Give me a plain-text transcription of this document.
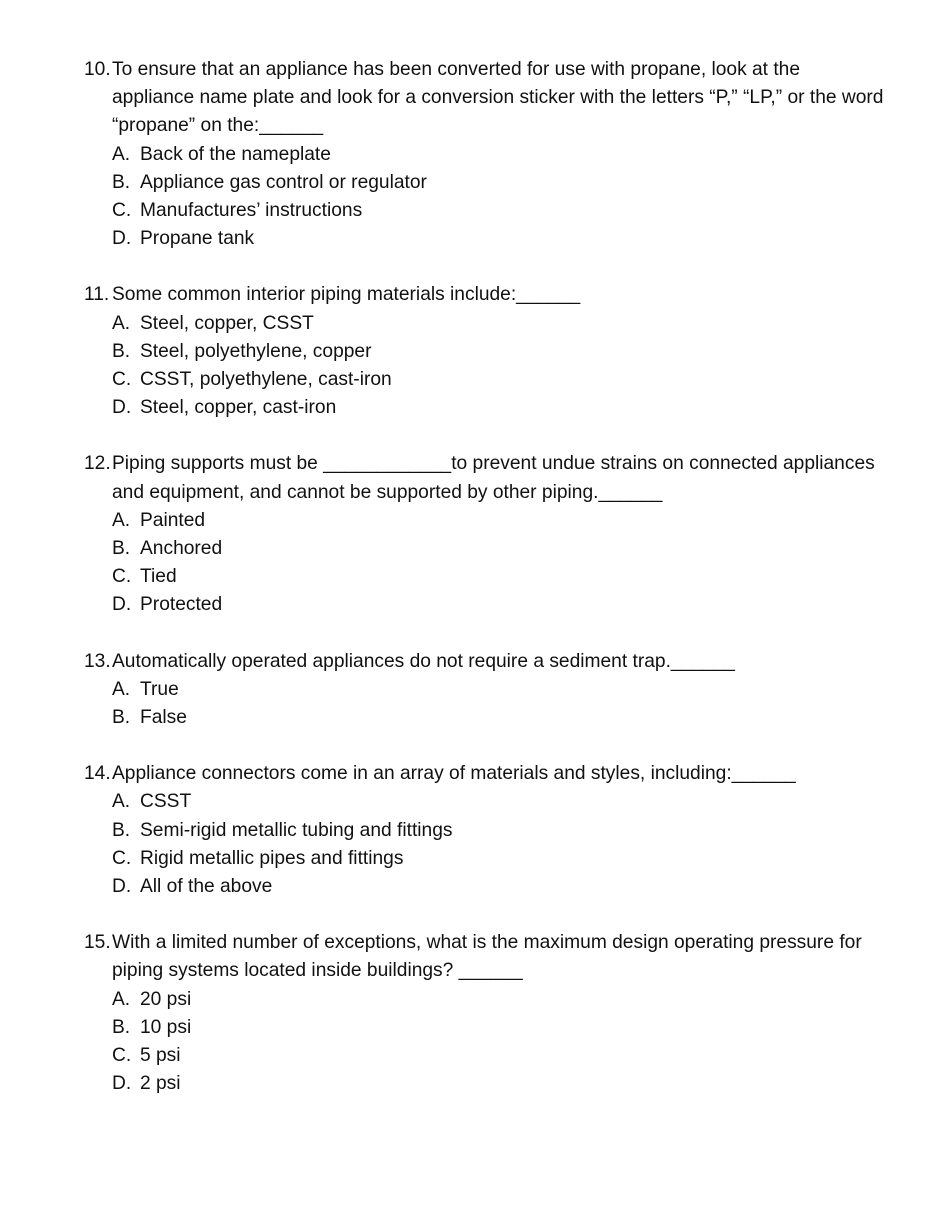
10. To ensure that an appliance has been converted for use with propane, look at the appliance name plate and look for a conversion sticker with the letters “P,” “LP,” or the word “propane” on the:______
A. Back of the nameplate
B. Appliance gas control or regulator
C. Manufactures’ instructions
D. Propane tank
11. Some common interior piping materials include:______
A. Steel, copper, CSST
B. Steel, polyethylene, copper
C. CSST, polyethylene, cast-iron
D. Steel, copper, cast-iron
12. Piping supports must be ____________to prevent undue strains on connected appliances and equipment, and cannot be supported by other piping.______
A. Painted
B. Anchored
C. Tied
D. Protected
13. Automatically operated appliances do not require a sediment trap.______
A. True
B. False
14. Appliance connectors come in an array of materials and styles, including:______
A. CSST
B. Semi-rigid metallic tubing and fittings
C. Rigid metallic pipes and fittings
D. All of the above
15. With a limited number of exceptions, what is the maximum design operating pressure for piping systems located inside buildings? ______
A. 20 psi
B. 10 psi
C. 5 psi
D. 2 psi
